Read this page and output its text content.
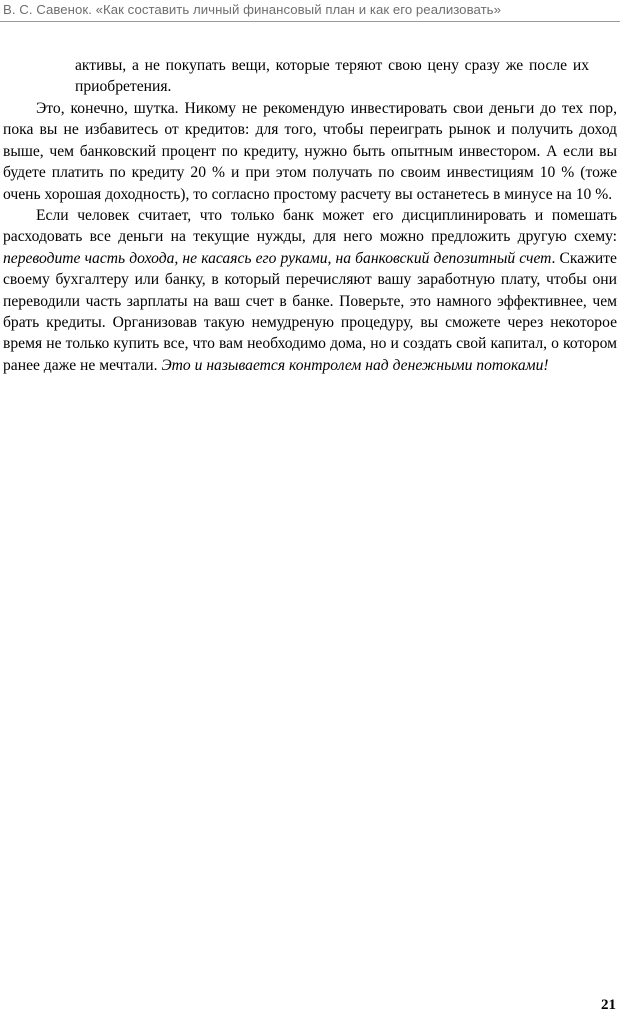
В. С. Савенок. «Как составить личный финансовый план и как его реализовать»

активы, а не покупать вещи, которые теряют свою цену сразу же после их приобретения.

Это, конечно, шутка. Никому не рекомендую инвестировать свои деньги до тех пор, пока вы не избавитесь от кредитов: для того, чтобы переиграть рынок и получить доход выше, чем банковский процент по кредиту, нужно быть опытным инвестором. А если вы будете платить по кредиту 20 % и при этом получать по своим инвестициям 10 % (тоже очень хорошая доходность), то согласно простому расчету вы останетесь в минусе на 10 %.

Если человек считает, что только банк может его дисциплинировать и помешать расходовать все деньги на текущие нужды, для него можно предложить другую схему: переводите часть дохода, не касаясь его руками, на банковский депозитный счет. Скажите своему бухгалтеру или банку, в который перечисляют вашу заработную плату, чтобы они переводили часть зарплаты на ваш счет в банке. Поверьте, это намного эффективнее, чем брать кредиты. Организовав такую немудреную процедуру, вы сможете через некоторое время не только купить все, что вам необходимо дома, но и создать свой капитал, о котором ранее даже не мечтали. Это и называется контролем над денежными потоками!

21
